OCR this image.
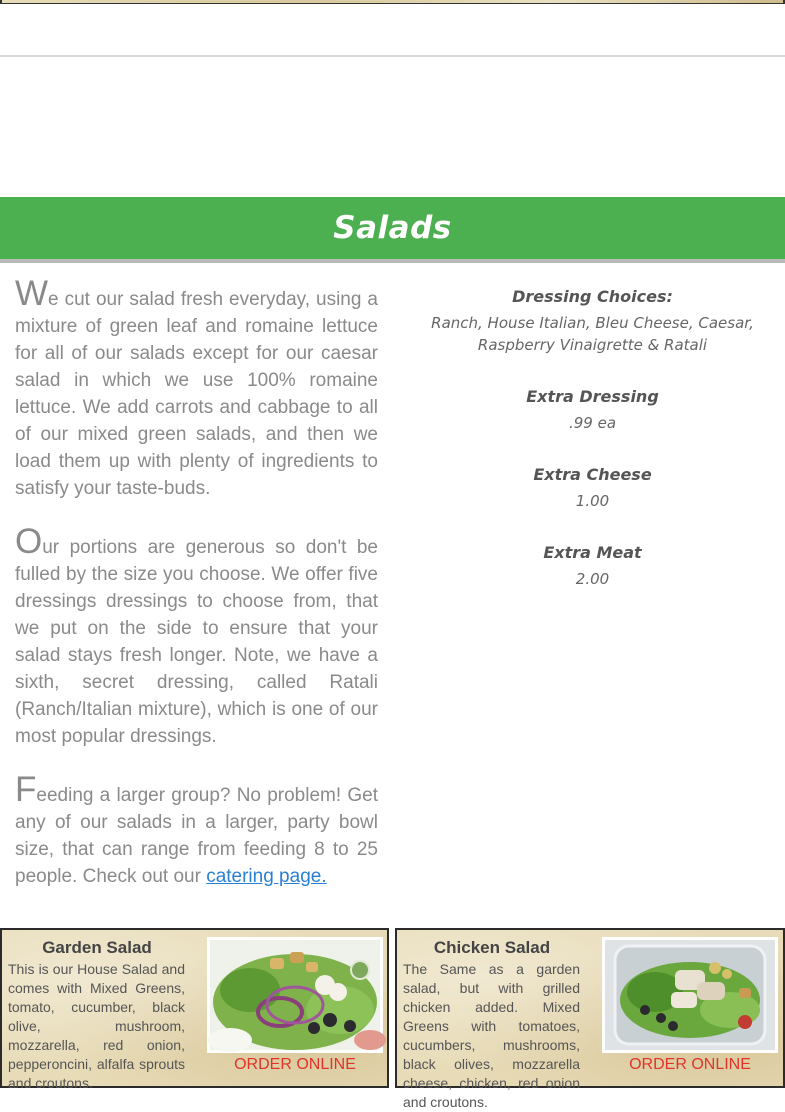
Salads

We cut our salad fresh everyday, using a mixture of green leaf and romaine lettuce for all of our salads except for our caesar salad in which we use 100% romaine lettuce. We add carrots and cabbage to all of our mixed green salads, and then we load them up with plenty of ingredients to satisfy your taste-buds.

Our portions are generous so don't be fulled by the size you choose. We offer five dressings dressings to choose from, that we put on the side to ensure that your salad stays fresh longer. Note, we have a sixth, secret dressing, called Ratali (Ranch/Italian mixture), which is one of our most popular dressings.

Feeding a larger group? No problem! Get any of our salads in a larger, party bowl size, that can range from feeding 8 to 25 people. Check out our catering page.

Dressing Choices:
Ranch, House Italian, Bleu Cheese, Caesar, Raspberry Vinaigrette & Ratali
Extra Dressing
.99 ea
Extra Cheese
1.00
Extra Meat
2.00
Garden Salad

This is our House Salad and comes with Mixed Greens, tomato, cucumber, black olive, mushroom, mozzarella, red onion, pepperoncini, alfalfa sprouts and croutons.

ORDER ONLINE
Chicken Salad

The Same as a garden salad, but with grilled chicken added. Mixed Greens with tomatoes, cucumbers, mushrooms, black olives, mozzarella cheese, chicken, red onion and croutons.

ORDER ONLINE
